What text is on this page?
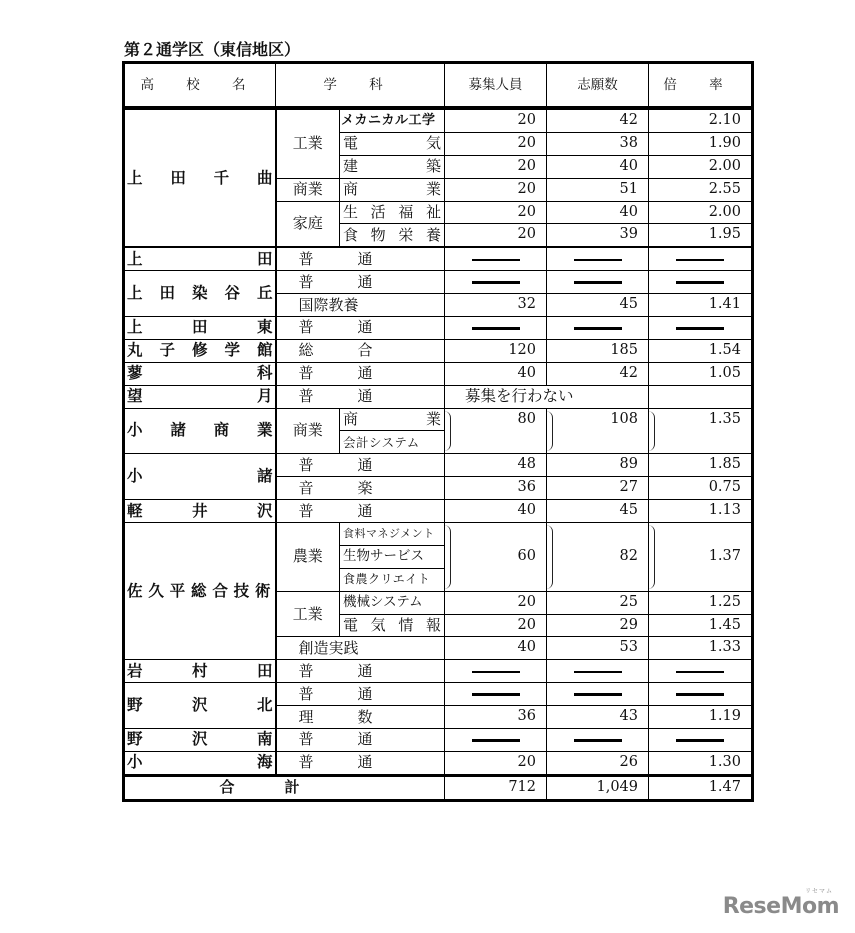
第２通学区（東信地区）
高 校 名	学 科		募集人員	志願数	倍 率
上田千曲	工業	メカニカル工学	20	42	2.10
		電気	20	38	1.90
		建築	20	40	2.00
	商業	商業	20	51	2.55
	家庭	生活福祉	20	40	2.00
		食物栄養	20	39	1.95
上田	普通				
上田染谷丘	普通				
	国際教養		32	45	1.41
上田東	普通				
丸子修学館	総合		120	185	1.54
蓼科	普通		40	42	1.05
望月	普通		募集を行わない		
小諸商業	商業	商業	80	108	1.35
		会計システム			
小諸	普通		48	89	1.85
	音楽		36	27	0.75
軽井沢	普通		40	45	1.13
佐久平総合技術	農業	食料マネジメント	60	82	1.37
		生物サービス			
		食農クリエイト			
	工業	機械システム	20	25	1.25
		電気情報	20	29	1.45
	創造実践		40	53	1.33
岩村田	普通				
野沢北	普通				
	理数		36	43	1.19
野沢南	普通				
小海	普通		20	26	1.30
合計			712	1,049	1.47
リセマム
ReseMom
